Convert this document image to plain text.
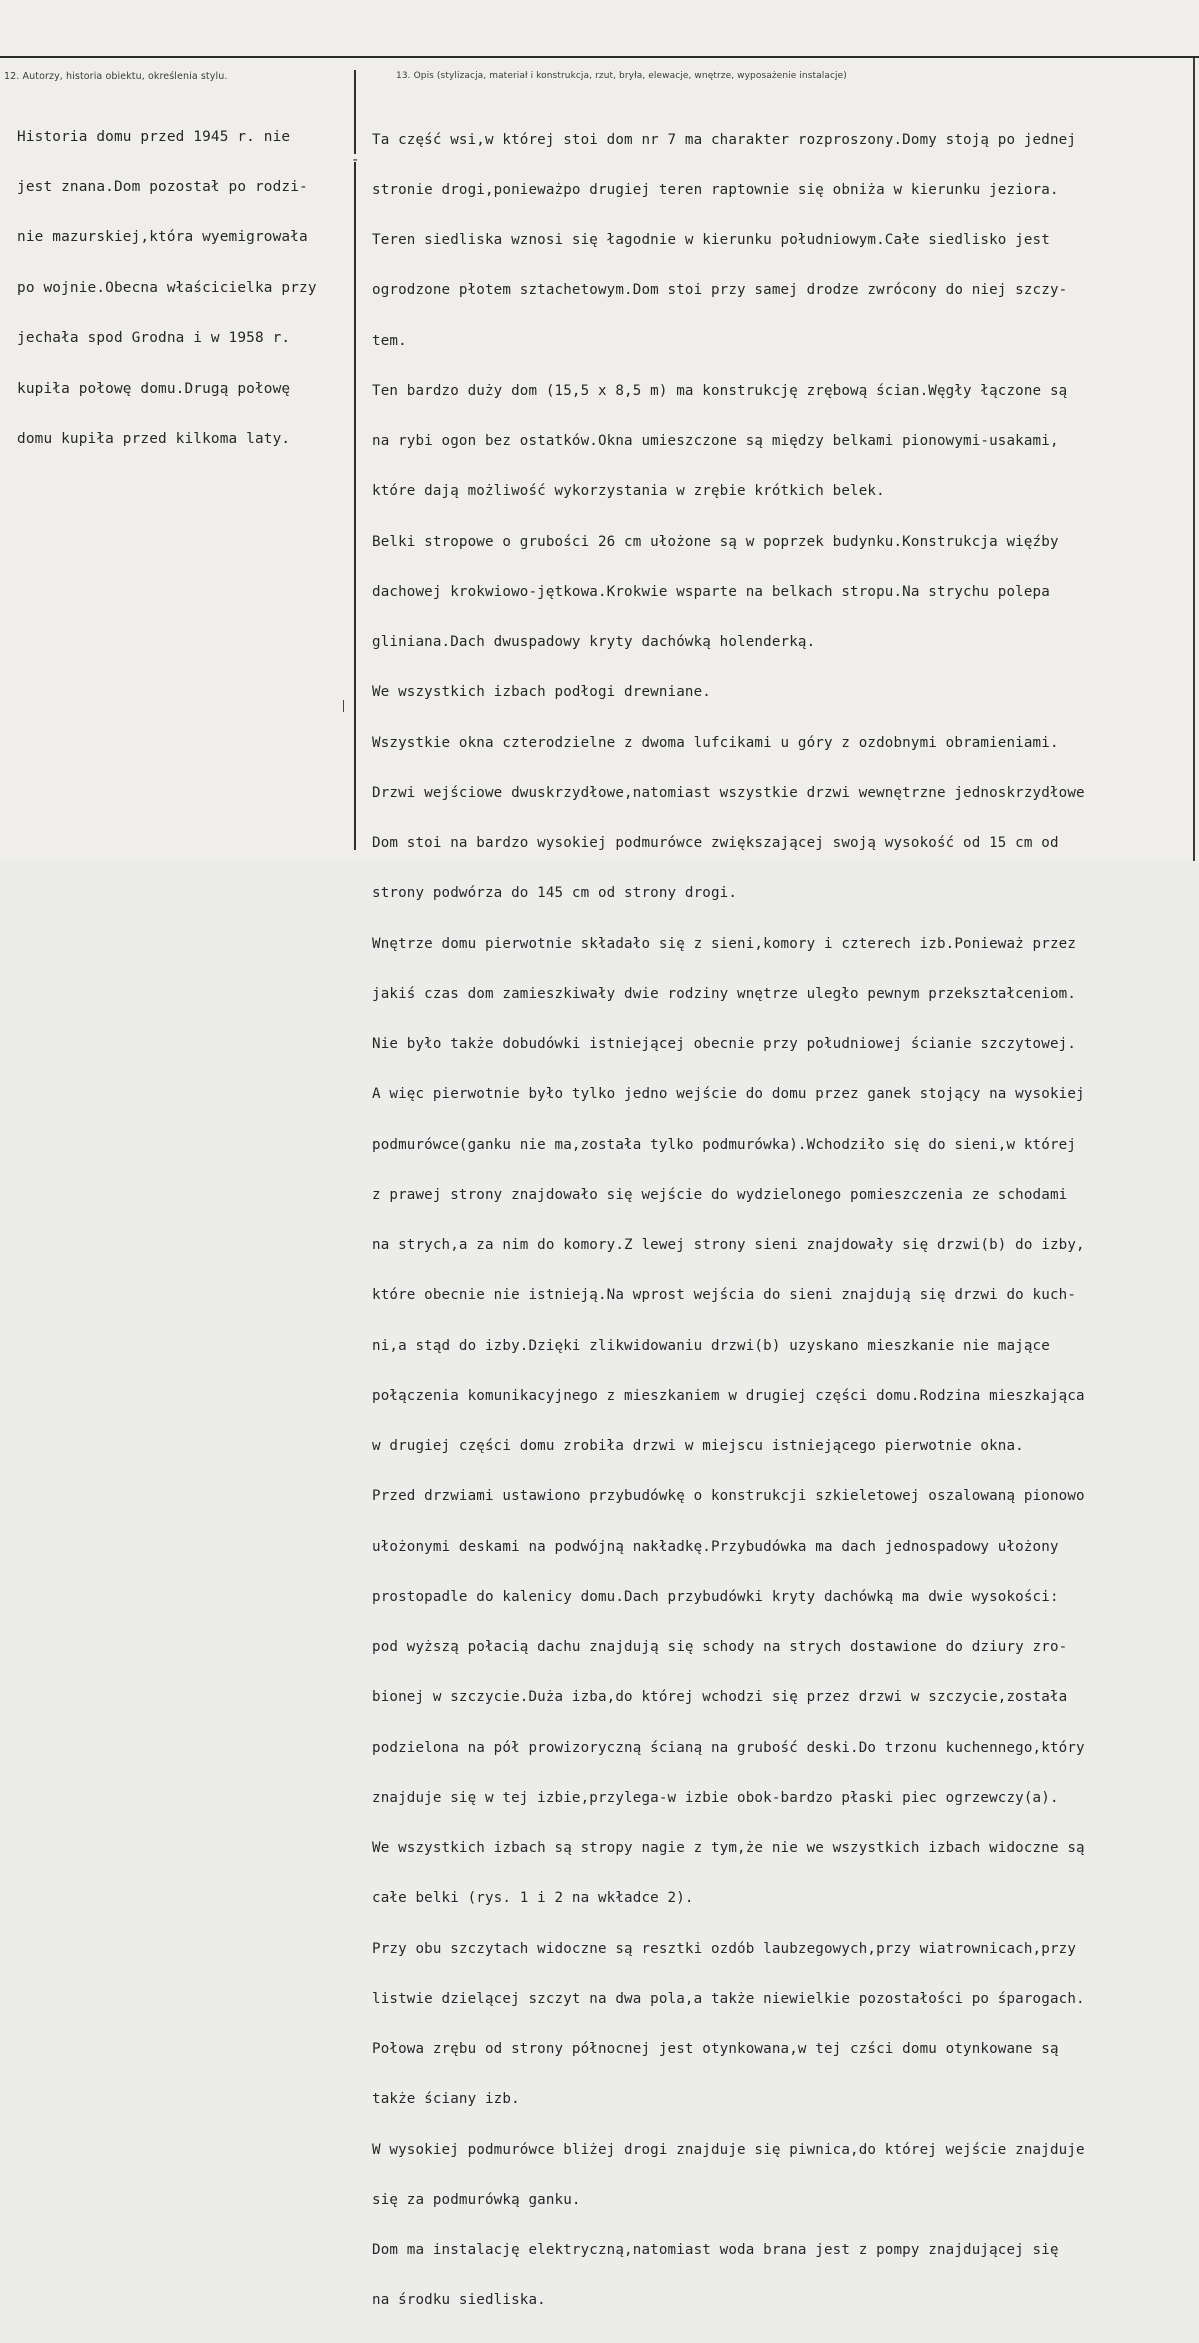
12. Autorzy, historia obiektu, określenia stylu.	13. Opis (stylizacja, materiał i konstrukcja, rzut, bryła, elewacje, wnętrze, wyposażenie instalacje)

Historia domu przed 1945 r. nie

jest znana.Dom pozostał po rodzi-

nie mazurskiej,która wyemigrowała

po wojnie.Obecna właścicielka przy

jechała spod Grodna i w 1958 r.

kupiła połowę domu.Drugą połowę

domu kupiła przed kilkoma laty.

-

Ta część wsi,w której stoi dom nr 7 ma charakter rozproszony.Domy stoją po jednej

stronie drogi,ponieważpo drugiej teren raptownie się obniża w kierunku jeziora.

Teren siedliska wznosi się łagodnie w kierunku południowym.Całe siedlisko jest

ogrodzone płotem sztachetowym.Dom stoi przy samej drodze zwrócony do niej szczy-

tem.

Ten bardzo duży dom (15,5 x 8,5 m) ma konstrukcję zrębową ścian.Węgły łączone są

na rybi ogon bez ostatków.Okna umieszczone są między belkami pionowymi-usakami,

które dają możliwość wykorzystania w zrębie krótkich belek.

Belki stropowe o grubości 26 cm ułożone są w poprzek budynku.Konstrukcja więźby

dachowej krokwiowo-jętkowa.Krokwie wsparte na belkach stropu.Na strychu polepa

gliniana.Dach dwuspadowy kryty dachówką holenderką.

We wszystkich izbach podłogi drewniane.

Wszystkie okna czterodzielne z dwoma lufcikami u góry z ozdobnymi obramieniami.

Drzwi wejściowe dwuskrzydłowe,natomiast wszystkie drzwi wewnętrzne jednoskrzydłowe

Dom stoi na bardzo wysokiej podmurówce zwiększającej swoją wysokość od 15 cm od

strony podwórza do 145 cm od strony drogi.

Wnętrze domu pierwotnie składało się z sieni,komory i czterech izb.Ponieważ przez

jakiś czas dom zamieszkiwały dwie rodziny wnętrze uległo pewnym przekształceniom.

Nie było także dobudówki istniejącej obecnie przy południowej ścianie szczytowej.

A więc pierwotnie było tylko jedno wejście do domu przez ganek stojący na wysokiej

podmurówce(ganku nie ma,została tylko podmurówka).Wchodziło się do sieni,w której

z prawej strony znajdowało się wejście do wydzielonego pomieszczenia ze schodami

na strych,a za nim do komory.Z lewej strony sieni znajdowały się drzwi(b) do izby,

które obecnie nie istnieją.Na wprost wejścia do sieni znajdują się drzwi do kuch-

ni,a stąd do izby.Dzięki zlikwidowaniu drzwi(b) uzyskano mieszkanie nie mające

połączenia komunikacyjnego z mieszkaniem w drugiej części domu.Rodzina mieszkająca

w drugiej części domu zrobiła drzwi w miejscu istniejącego pierwotnie okna.

Przed drzwiami ustawiono przybudówkę o konstrukcji szkieletowej oszalowaną pionowo

ułożonymi deskami na podwójną nakładkę.Przybudówka ma dach jednospadowy ułożony

prostopadle do kalenicy domu.Dach przybudówki kryty dachówką ma dwie wysokości:

pod wyższą połacią dachu znajdują się schody na strych dostawione do dziury zro-

bionej w szczycie.Duża izba,do której wchodzi się przez drzwi w szczycie,została

podzielona na pół prowizoryczną ścianą na grubość deski.Do trzonu kuchennego,który

znajduje się w tej izbie,przylega-w izbie obok-bardzo płaski piec ogrzewczy(a).

We wszystkich izbach są stropy nagie z tym,że nie we wszystkich izbach widoczne są

całe belki (rys. 1 i 2 na wkładce 2).

Przy obu szczytach widoczne są resztki ozdób laubzegowych,przy wiatrownicach,przy

listwie dzielącej szczyt na dwa pola,a także niewielkie pozostałości po śparogach.

Połowa zrębu od strony północnej jest otynkowana,w tej czści domu otynkowane są

także ściany izb.

W wysokiej podmurówce bliżej drogi znajduje się piwnica,do której wejście znajduje

się za podmurówką ganku.

Dom ma instalację elektryczną,natomiast woda brana jest z pompy znajdującej się

na środku siedliska.
